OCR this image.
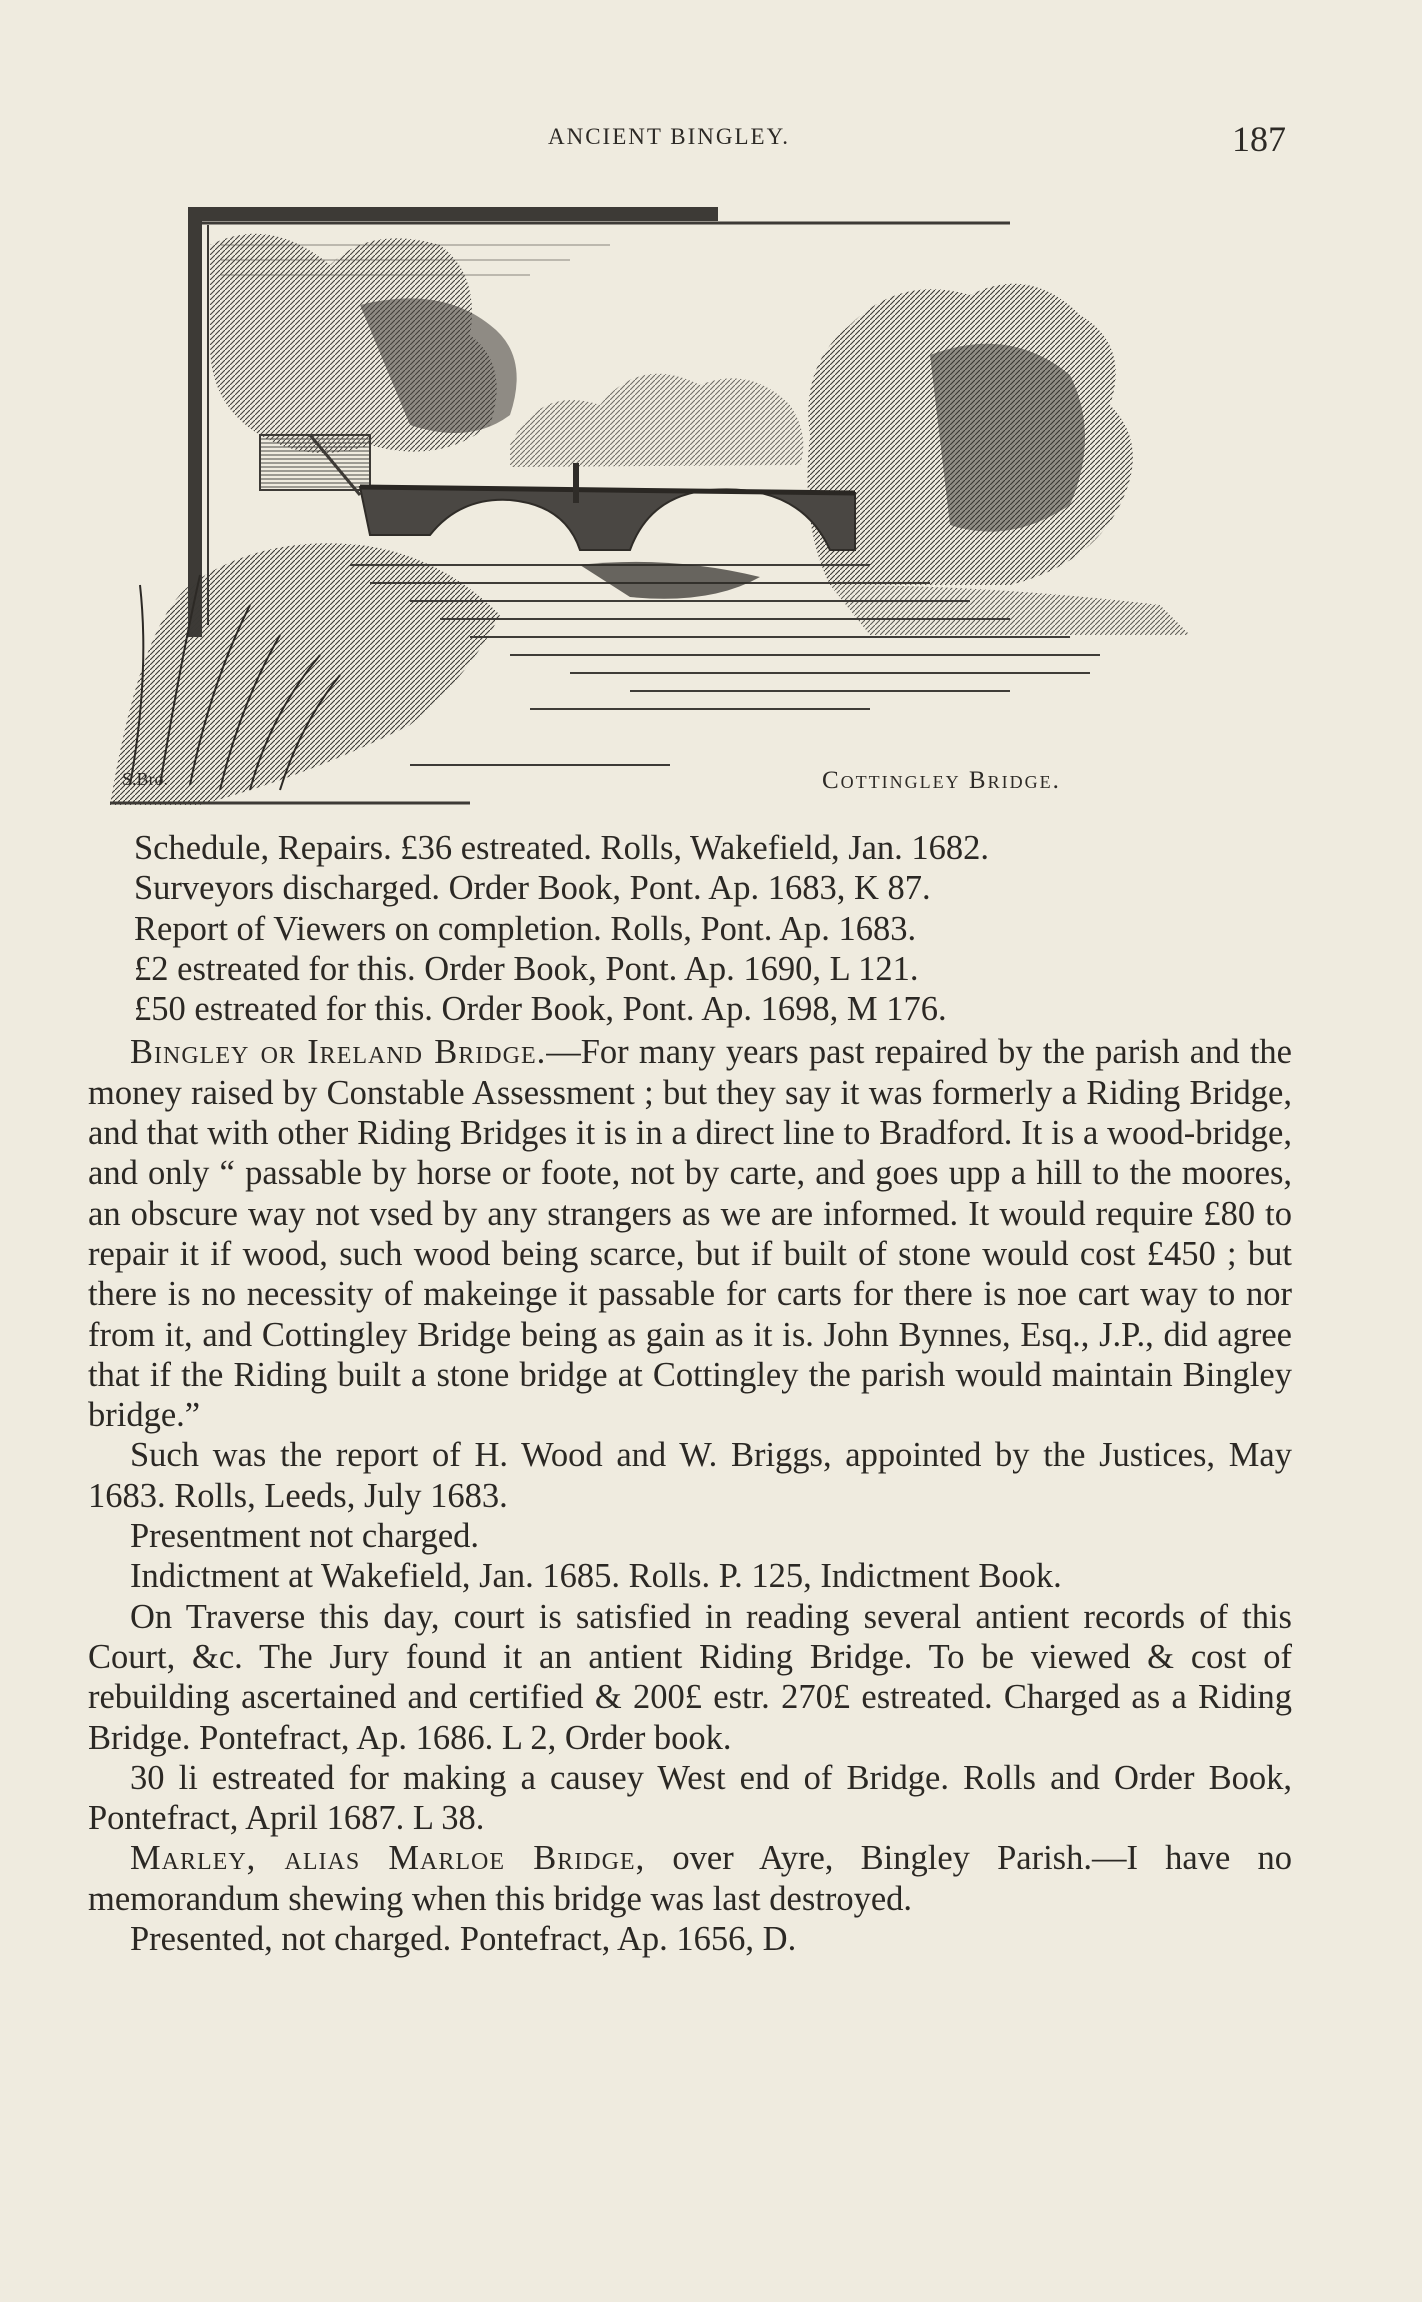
ANCIENT BINGLEY.	187
S.Bro.	Cottingley Bridge.

Schedule, Repairs. £36 estreated. Rolls, Wakefield, Jan. 1682.

Surveyors discharged. Order Book, Pont. Ap. 1683, K 87.

Report of Viewers on completion. Rolls, Pont. Ap. 1683.

£2 estreated for this. Order Book, Pont. Ap. 1690, L 121.

£50 estreated for this. Order Book, Pont. Ap. 1698, M 176.

Bingley or Ireland Bridge.—For many years past repaired by the parish and the money raised by Constable Assessment ; but they say it was formerly a Riding Bridge, and that with other Riding Bridges it is in a direct line to Bradford. It is a wood-bridge, and only “ passable by horse or foote, not by carte, and goes upp a hill to the moores, an obscure way not vsed by any strangers as we are informed. It would require £80 to repair it if wood, such wood being scarce, but if built of stone would cost £450 ; but there is no necessity of makeinge it passable for carts for there is noe cart way to nor from it, and Cottingley Bridge being as gain as it is. John Bynnes, Esq., J.P., did agree that if the Riding built a stone bridge at Cottingley the parish would maintain Bingley bridge.”

Such was the report of H. Wood and W. Briggs, appointed by the Justices, May 1683. Rolls, Leeds, July 1683.

Presentment not charged.

Indictment at Wakefield, Jan. 1685. Rolls. P. 125, Indictment Book.

On Traverse this day, court is satisfied in reading several antient records of this Court, &c. The Jury found it an antient Riding Bridge. To be viewed & cost of rebuilding ascertained and certified & 200£ estr. 270£ estreated. Charged as a Riding Bridge. Pontefract, Ap. 1686. L 2, Order book.

30 li estreated for making a causey West end of Bridge. Rolls and Order Book, Pontefract, April 1687. L 38.

Marley, alias Marloe Bridge, over Ayre, Bingley Parish.—I have no memorandum shewing when this bridge was last destroyed.

Presented, not charged. Pontefract, Ap. 1656, D.
